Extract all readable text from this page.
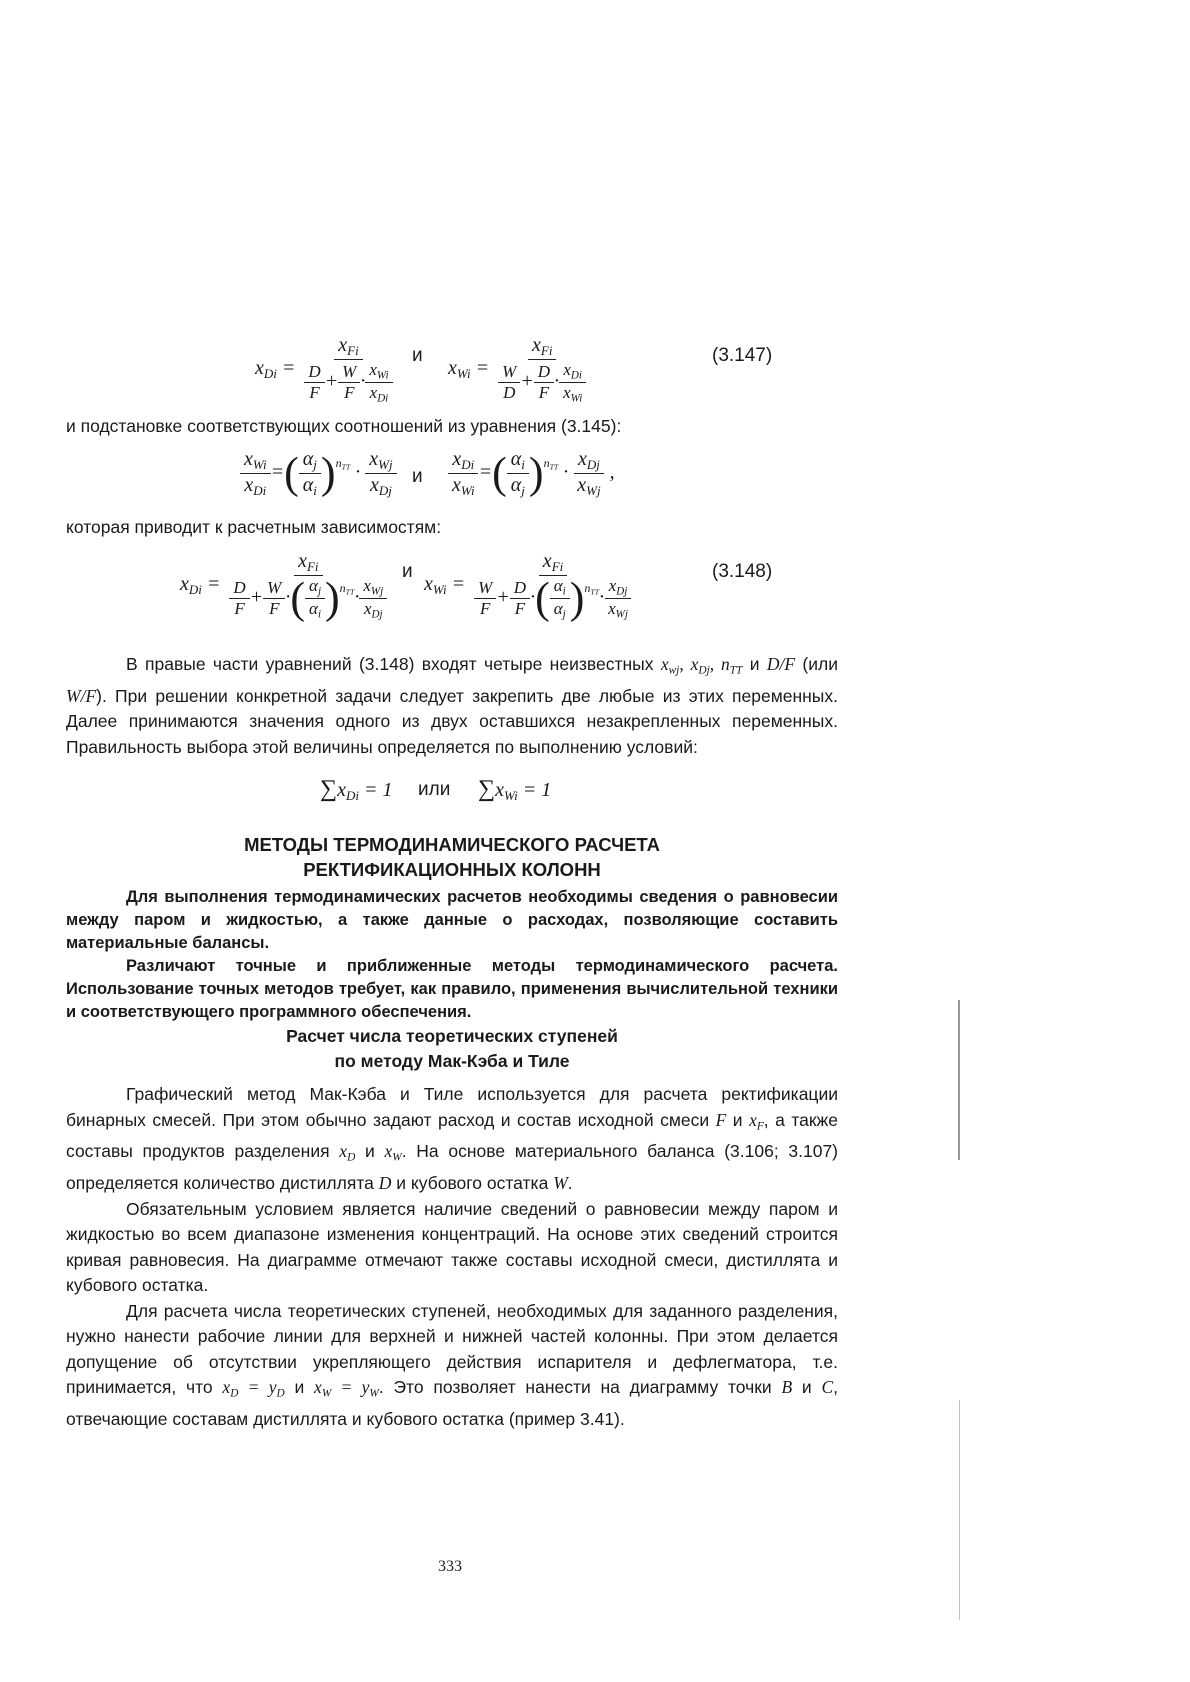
$x_{Di} = \frac{x_{Fi}}{\frac{D}{F} + \frac{W}{F} \cdot \frac{x_{Wi}}{x_{Di}}}$ и
$x_{Wi} = \frac{x_{Fi}}{\frac{W}{D} + \frac{D}{F} \cdot \frac{x_{Di}}{x_{Wi}}}$	(3.147)

и подстановке соответствующих соотношений из уравнения (3.145):

$\frac{x_{Wi}}{x_{Di}}$ =( $\frac{\alpha_j}{\alpha_i} )^{n_{TT}} \cdot \frac{x_{Wj}}{x_{Dj}}$ и $\frac{x_{Di}}{x_{Wi}}$ =( $\frac{\alpha_i}{\alpha_j} )^{n_{TT}} \cdot \frac{x_{Dj}}{x_{Wj}}$ ,

которая приводит к расчетным зависимостям:

$x_{Di} = \frac{x_{Fi}}{\frac{D}{F} + \frac{W}{F} \cdot( \frac{\alpha_j}{\alpha_i} )^{n_{TT}}\cdot \frac{x_{Wj}}{x_{Dj}}}$ и
$x_{Wi} = \frac{x_{Fi}}{\frac{W}{F} + \frac{D}{F} \cdot( \frac{\alpha_i}{\alpha_j} )^{n_{TT}}\cdot \frac{x_{Dj}}{x_{Wj}}}$	(3.148)

В правые части уравнений (3.148) входят четыре неизвестных $x_{wj}$, $x_{Dj}$, $n_{TT}$ и D/F (или W/F). При решении конкретной задачи следует закрепить две любые из этих переменных. Далее принимаются значения одного из двух оставшихся незакрепленных переменных. Правильность выбора этой величины определяется по выполнению условий:

$\sum x_{Di} = 1$ или $\sum x_{Wi} = 1$
МЕТОДЫ ТЕРМОДИНАМИЧЕСКОГО РАСЧЕТА
РЕКТИФИКАЦИОННЫХ КОЛОНН

Для выполнения термодинамических расчетов необходимы сведения о равновесии между паром и жидкостью, а также данные о расходах, позволяющие составить материальные балансы.

Различают точные и приближенные методы термодинамического расчета. Использование точных методов требует, как правило, применения вычислительной техники и соответствующего программного обеспечения.

Расчет числа теоретических ступеней
по методу Мак-Кэба и Тиле

Графический метод Мак-Кэба и Тиле используется для расчета ректификации бинарных смесей. При этом обычно задают расход и состав исходной смеси F и $x_F$, а также составы продуктов разделения $x_D$ и $x_W$. На основе материального баланса (3.106; 3.107) определяется количество дистиллята D и кубового остатка W.

Обязательным условием является наличие сведений о равновесии между паром и жидкостью во всем диапазоне изменения концентраций. На основе этих сведений строится кривая равновесия. На диаграмме отмечают также составы исходной смеси, дистиллята и кубового остатка.

Для расчета числа теоретических ступеней, необходимых для заданного разделения, нужно нанести рабочие линии для верхней и нижней частей колонны. При этом делается допущение об отсутствии укрепляющего действия испарителя и дефлегматора, т.е. принимается, что $x_D = y_D$ и $x_W = y_W$. Это позволяет нанести на диаграмму точки B и C, отвечающие составам дистиллята и кубового остатка (пример 3.41).

333
